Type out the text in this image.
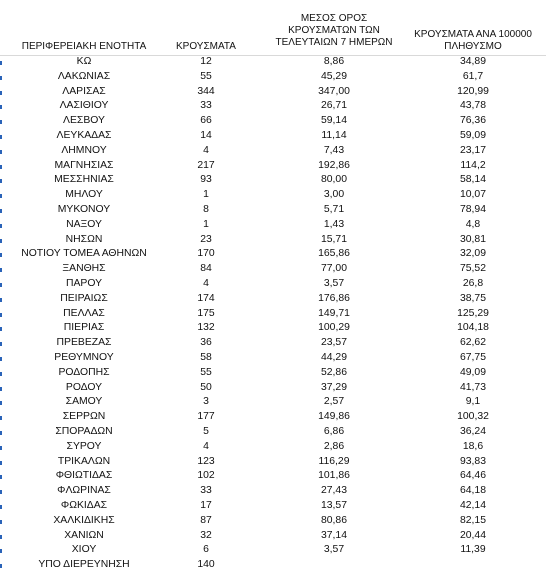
ΠΕΡΙΦΕΡΕΙΑΚΗ ΕΝΟΤΗΤΑ	ΚΡΟΥΣΜΑΤΑ
ΜΕΣΟΣ ΟΡΟΣ
ΚΡΟΥΣΜΑΤΩΝ ΤΩΝ
ΤΕΛΕΥΤΑΙΩΝ 7 ΗΜΕΡΩΝ
ΚΡΟΥΣΜΑΤΑ ΑΝΑ 100000
ΠΛΗΘΥΣΜΟ
ΚΩ	12	8,86	34,89
ΛΑΚΩΝΙΑΣ	55	45,29	61,7
ΛΑΡΙΣΑΣ	344	347,00	120,99
ΛΑΣΙΘΙΟΥ	33	26,71	43,78
ΛΕΣΒΟΥ	66	59,14	76,36
ΛΕΥΚΑΔΑΣ	14	11,14	59,09
ΛΗΜΝΟΥ	4	7,43	23,17
ΜΑΓΝΗΣΙΑΣ	217	192,86	114,2
ΜΕΣΣΗΝΙΑΣ	93	80,00	58,14
ΜΗΛΟΥ	1	3,00	10,07
ΜΥΚΟΝΟΥ	8	5,71	78,94
ΝΑΞΟΥ	1	1,43	4,8
ΝΗΣΩΝ	23	15,71	30,81
ΝΟΤΙΟΥ ΤΟΜΕΑ ΑΘΗΝΩΝ	170	165,86	32,09
ΞΑΝΘΗΣ	84	77,00	75,52
ΠΑΡΟΥ	4	3,57	26,8
ΠΕΙΡΑΙΩΣ	174	176,86	38,75
ΠΕΛΛΑΣ	175	149,71	125,29
ΠΙΕΡΙΑΣ	132	100,29	104,18
ΠΡΕΒΕΖΑΣ	36	23,57	62,62
ΡΕΘΥΜΝΟΥ	58	44,29	67,75
ΡΟΔΟΠΗΣ	55	52,86	49,09
ΡΟΔΟΥ	50	37,29	41,73
ΣΑΜΟΥ	3	2,57	9,1
ΣΕΡΡΩΝ	177	149,86	100,32
ΣΠΟΡΑΔΩΝ	5	6,86	36,24
ΣΥΡΟΥ	4	2,86	18,6
ΤΡΙΚΑΛΩΝ	123	116,29	93,83
ΦΘΙΩΤΙΔΑΣ	102	101,86	64,46
ΦΛΩΡΙΝΑΣ	33	27,43	64,18
ΦΩΚΙΔΑΣ	17	13,57	42,14
ΧΑΛΚΙΔΙΚΗΣ	87	80,86	82,15
ΧΑΝΙΩΝ	32	37,14	20,44
ΧΙΟΥ	6	3,57	11,39
ΥΠΟ ΔΙΕΡΕΥΝΗΣΗ	140
